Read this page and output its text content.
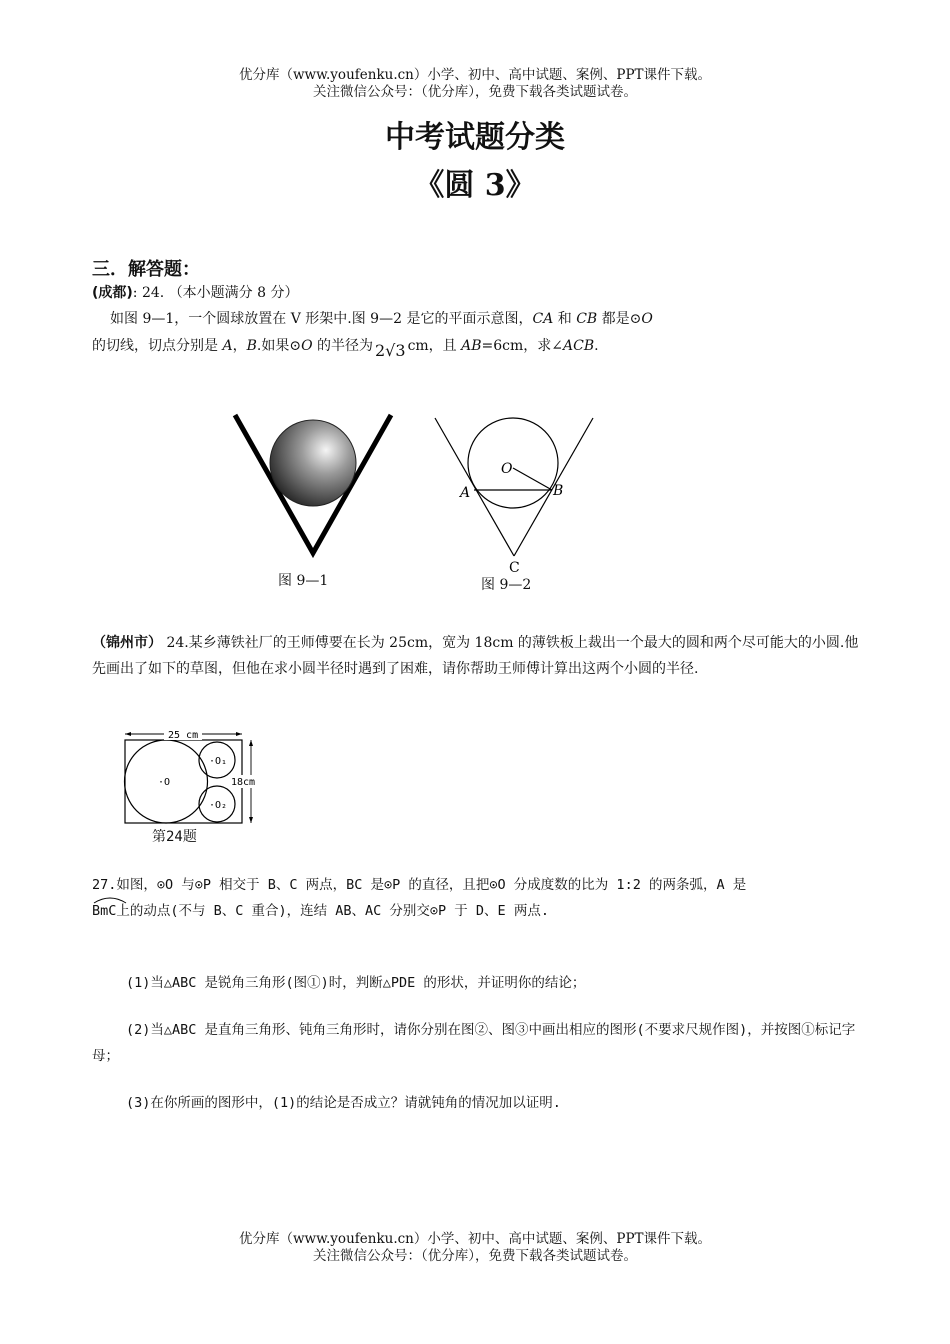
优分库（www.youfenku.cn）小学、初中、高中试题、案例、PPT课件下载。
关注微信公众号：（优分库），免费下载各类试题试卷。
中考试题分类
《圆 3》
三．解答题：
(成都): 24. （本小题满分 8 分）
如图 9—1，一个圆球放置在 V 形架中.图 9—2 是它的平面示意图，CA 和 CB 都是⊙O
的切线，切点分别是 A，B.如果⊙O 的半径为 2√3 cm，且 AB=6cm，求∠ACB.
图 9—1
O
A	B
C
图 9—2
（锦州市） 24.某乡薄铁社厂的王师傅要在长为 25cm，宽为 18cm 的薄铁板上裁出一个最大的圆和两个尽可能大的小圆.他先画出了如下的草图，但他在求小圆半径时遇到了困难，请你帮助王师傅计算出这两个小圆的半径.
25 cm
18cm
·O
·O₁
·O₂
第24题
27.如图，⊙O 与⊙P 相交于 B、C 两点，BC 是⊙P 的直径，且把⊙O 分成度数的比为 1:2 的两条弧，A 是
BmC上的动点(不与 B、C 重合)，连结 AB、AC 分别交⊙P 于 D、E 两点.
(1)当△ABC 是锐角三角形(图①)时，判断△PDE 的形状，并证明你的结论；
(2)当△ABC 是直角三角形、钝角三角形时，请你分别在图②、图③中画出相应的图形(不要求尺规作图)，并按图①标记字母；
(3)在你所画的图形中，(1)的结论是否成立？请就钝角的情况加以证明.
优分库（www.youfenku.cn）小学、初中、高中试题、案例、PPT课件下载。
关注微信公众号：（优分库），免费下载各类试题试卷。
